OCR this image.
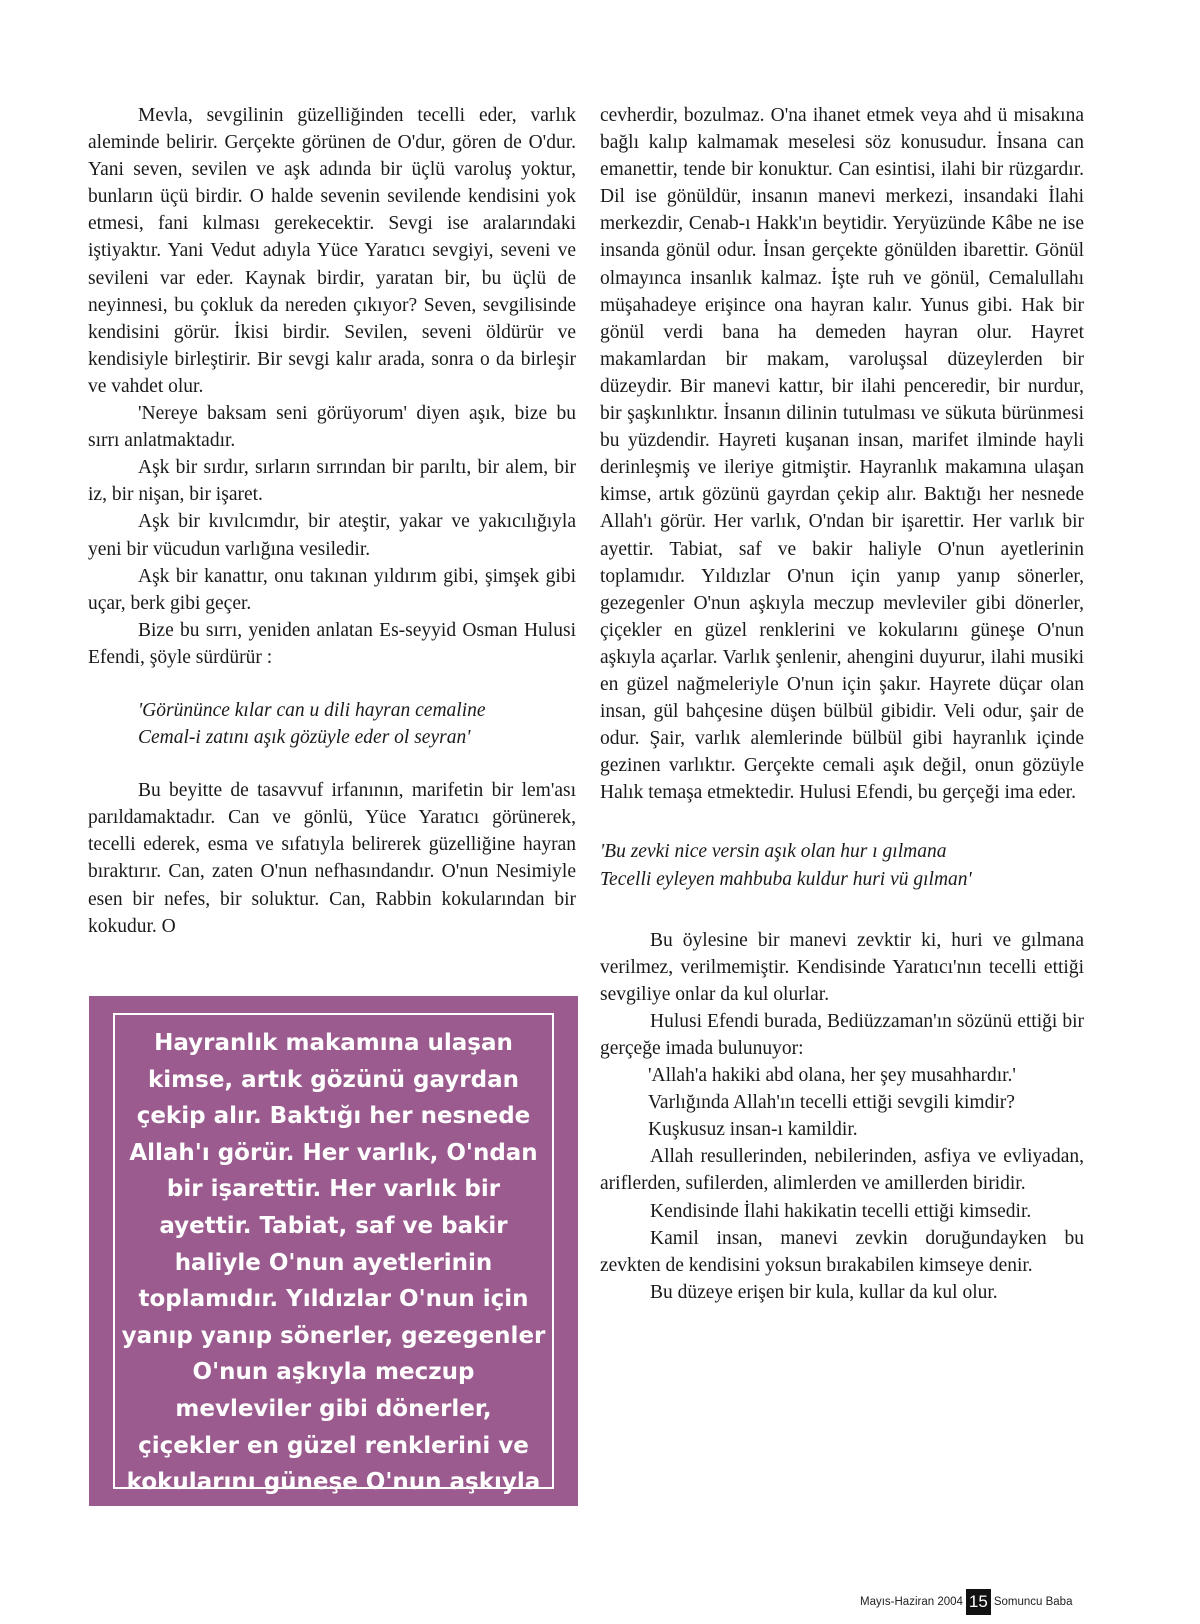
Mevla, sevgilinin güzelliğinden tecelli eder, varlık aleminde belirir. Gerçekte görünen de O'dur, gören de O'dur. Yani seven, sevilen ve aşk adında bir üçlü varoluş yoktur, bunların üçü birdir. O halde sevenin sevilende kendisini yok etmesi, fani kılması gerekecektir. Sevgi ise aralarındaki iştiyaktır. Yani Vedut adıyla Yüce Yaratıcı sevgiyi, seveni ve sevileni var eder. Kaynak birdir, yaratan bir, bu üçlü de neyinnesi, bu çokluk da nereden çıkıyor? Seven, sevgilisinde kendisini görür. İkisi birdir. Sevilen, seveni öldürür ve kendisiyle birleştirir. Bir sevgi kalır arada, sonra o da birleşir ve vahdet olur.

'Nereye baksam seni görüyorum' diyen aşık, bize bu sırrı anlatmaktadır.

Aşk bir sırdır, sırların sırrından bir parıltı, bir alem, bir iz, bir nişan, bir işaret.

Aşk bir kıvılcımdır, bir ateştir, yakar ve yakıcılığıyla yeni bir vücudun varlığına vesiledir.

Aşk bir kanattır, onu takınan yıldırım gibi, şimşek gibi uçar, berk gibi geçer.

Bize bu sırrı, yeniden anlatan Es-seyyid Osman Hulusi Efendi, şöyle sürdürür :

'Görününce kılar can u dili hayran cemaline

Cemal-i zatını aşık gözüyle eder ol seyran'

Bu beyitte de tasavvuf irfanının, marifetin bir lem'ası parıldamaktadır. Can ve gönlü, Yüce Yaratıcı görünerek, tecelli ederek, esma ve sıfatıyla belirerek güzelliğine hayran bıraktırır. Can, zaten O'nun nefhasındandır. O'nun Nesimiyle esen bir nefes, bir soluktur. Can, Rabbin kokularından bir kokudur. O

Hayranlık makamına ulaşan kimse, artık gözünü gayrdan çekip alır. Baktığı her nesnede Allah'ı görür. Her varlık, O'ndan bir işarettir. Her varlık bir ayettir. Tabiat, saf ve bakir haliyle O'nun ayetlerinin toplamıdır. Yıldızlar O'nun için yanıp yanıp sönerler, gezegenler O'nun aşkıyla meczup mevleviler gibi dönerler, çiçekler en güzel renklerini ve kokularını güneşe O'nun aşkıyla açarlar.

cevherdir, bozulmaz. O'na ihanet etmek veya ahd ü misakına bağlı kalıp kalmamak meselesi söz konusudur. İnsana can emanettir, tende bir konuktur. Can esintisi, ilahi bir rüzgardır. Dil ise gönüldür, insanın manevi merkezi, insandaki İlahi merkezdir, Cenab-ı Hakk'ın beytidir. Yeryüzünde Kâbe ne ise insanda gönül odur. İnsan gerçekte gönülden ibarettir. Gönül olmayınca insanlık kalmaz. İşte ruh ve gönül, Cemalullahı müşahadeye erişince ona hayran kalır. Yunus gibi. Hak bir gönül verdi bana ha demeden hayran olur. Hayret makamlardan bir makam, varoluşsal düzeylerden bir düzeydir. Bir manevi kattır, bir ilahi penceredir, bir nurdur, bir şaşkınlıktır. İnsanın dilinin tutulması ve sükuta bürünmesi bu yüzdendir. Hayreti kuşanan insan, marifet ilminde hayli derinleşmiş ve ileriye gitmiştir. Hayranlık makamına ulaşan kimse, artık gözünü gayrdan çekip alır. Baktığı her nesnede Allah'ı görür. Her varlık, O'ndan bir işarettir. Her varlık bir ayettir. Tabiat, saf ve bakir haliyle O'nun ayetlerinin toplamıdır. Yıldızlar O'nun için yanıp yanıp sönerler, gezegenler O'nun aşkıyla meczup mevleviler gibi dönerler, çiçekler en güzel renklerini ve kokularını güneşe O'nun aşkıyla açarlar. Varlık şenlenir, ahengini duyurur, ilahi musiki en güzel nağmeleriyle O'nun için şakır. Hayrete düçar olan insan, gül bahçesine düşen bülbül gibidir. Veli odur, şair de odur. Şair, varlık alemlerinde bülbül gibi hayranlık içinde gezinen varlıktır. Gerçekte cemali aşık değil, onun gözüyle Halık temaşa etmektedir. Hulusi Efendi, bu gerçeği ima eder.

'Bu zevki nice versin aşık olan hur ı gılmana
Tecelli eyleyen mahbuba kuldur huri vü gılman'

Bu öylesine bir manevi zevktir ki, huri ve gılmana verilmez, verilmemiştir. Kendisinde Yaratıcı'nın tecelli ettiği sevgiliye onlar da kul olurlar.

Hulusi Efendi burada, Bediüzzaman'ın sözünü ettiği bir gerçeğe imada bulunuyor:

'Allah'a hakiki abd olana, her şey musahhardır.'

Varlığında Allah'ın tecelli ettiği sevgili kimdir?

Kuşkusuz insan-ı kamildir.

Allah resullerinden, nebilerinden, asfiya ve evliyadan, ariflerden, sufilerden, alimlerden ve amillerden biridir.

Kendisinde İlahi hakikatin tecelli ettiği kimsedir.

Kamil insan, manevi zevkin doruğundayken bu zevkten de kendisini yoksun bırakabilen kimseye denir.

Bu düzeye erişen bir kula, kullar da kul olur.

Mayıs-Haziran 2004 15 Somuncu Baba
